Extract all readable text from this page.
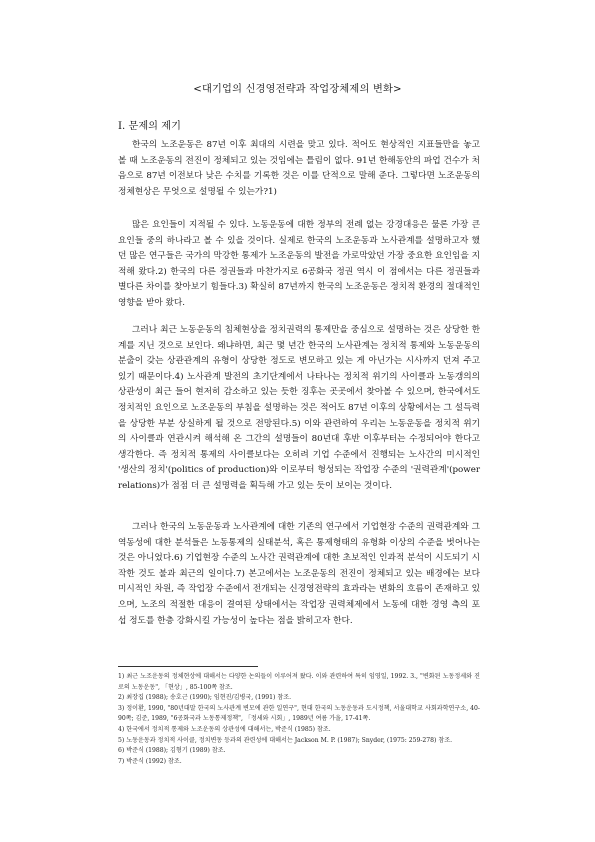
<대기업의 신경영전략과 작업장체제의 변화>
I. 문제의 제기

한국의 노조운동은 87년 이후 최대의 시련을 맞고 있다. 적어도 현상적인 지표들만을 놓고 볼 때 노조운동의 전진이 정체되고 있는 것임에는 틀림이 없다. 91년 한해동안의 파업 건수가 처음으로 87년 이전보다 낮은 수치를 기록한 것은 이를 단적으로 말해 준다. 그렇다면 노조운동의 정체현상은 무엇으로 설명될 수 있는가?1)

많은 요인들이 지적될 수 있다. 노동운동에 대한 정부의 전례 없는 강경대응은 물론 가장 큰 요인들 중의 하나라고 볼 수 있을 것이다. 실제로 한국의 노조운동과 노사관계를 설명하고자 했던 많은 연구들은 국가의 막강한 통제가 노조운동의 발전을 가로막았던 가장 중요한 요인임을 지적해 왔다.2) 한국의 다른 정권들과 마찬가지로 6공화국 정권 역시 이 점에서는 다른 정권들과 별다른 차이를 찾아보기 힘들다.3) 확실히 87년까지 한국의 노조운동은 정치적 환경의 절대적인 영향을 받아 왔다.

그러나 최근 노동운동의 침체현상을 정치권력의 통제만을 중심으로 설명하는 것은 상당한 한계를 지닌 것으로 보인다. 왜냐하면, 최근 몇 년간 한국의 노사관계는 정치적 통제와 노동운동의 분출이 갖는 상관관계의 유형이 상당한 정도로 변모하고 있는 게 아닌가는 시사까지 던져 주고 있기 때문이다.4) 노사관계 발전의 초기단계에서 나타나는 정치적 위기의 사이클과 노동갱의의 상관성이 최근 들어 현저히 감소하고 있는 듯한 징후는 곳곳에서 찾아볼 수 있으며, 한국에서도 정치적인 요인으로 노조운동의 부침을 설명하는 것은 적어도 87년 이후의 상황에서는 그 설득력을 상당한 부분 상실하게 될 것으로 전망된다.5) 이와 관련하여 우리는 노동운동을 정치적 위기의 사이클과 연관시켜 해석해 온 그간의 설명들이 80년대 후반 이후부터는 수정되어야 한다고 생각한다. 즉 정치적 통제의 사이클보다는 오히려 기업 수준에서 진행되는 노사간의 미시적인 '생산의 정치'(politics of production)와 이로부터 형성되는 작업장 수준의 '권력관계'(power relations)가 점점 더 큰 설명력을 획득해 가고 있는 듯이 보이는 것이다.

그러나 한국의 노동운동과 노사관계에 대한 기존의 연구에서 기업현장 수준의 권력관계와 그 역동성에 대한 분석들은 노동통제의 실태분석, 혹은 통제형태의 유형화 이상의 수준을 벗어나는 것은 아니었다.6) 기업현장 수준의 노사간 권력관계에 대한 초보적인 인과적 분석이 시도되기 시작한 것도 불과 최근의 일이다.7) 본고에서는 노조운동의 전진이 정체되고 있는 배경에는 보다 미시적인 차원, 즉 작업장 수준에서 전개되는 신경영전략의 효과라는 변화의 흐름이 존재하고 있으며, 노조의 적절한 대응이 결여된 상태에서는 작업장 권력체제에서 노동에 대한 경영 측의 포섭 정도를 한층 강화시킬 가능성이 높다는 점을 밝히고자 한다.

1) 최근 노조운동의 정체현상에 대해서는 다양한 논의들이 이루어져 왔다. 이와 관련하여 특히 임영일, 1992. 3., "변화된 노동정세와 진로의 노동운동", 「현상」, 85-100쪽 참조.

2) 최장집 (1988); 송호근 (1990); 임현진/김병국, (1991) 참조.

3) 정이환, 1990, "80년대말 한국의 노사관계 변모에 관한 일연구", 현대 한국의 노동운동과 도시정책, 서울대학교 사회과학연구소, 40-90쪽; 김준, 1989, "6공화국과 노동통제정책", 「정세와 시회」, 1989년 여름 가을, 17-41쪽.

4) 한국에서 정치적 통제와 노조운동의 상관성에 대해서는, 박준식 (1985) 참조.

5) 노동운동과 정치적 사이클, 정치변동 등과의 관련성에 대해서는 Jackson M. P. (1987); Snyder, (1975: 259-278) 참조.

6) 박준식 (1988); 김형기 (1989) 참조.

7) 박준식 (1992) 참조.
